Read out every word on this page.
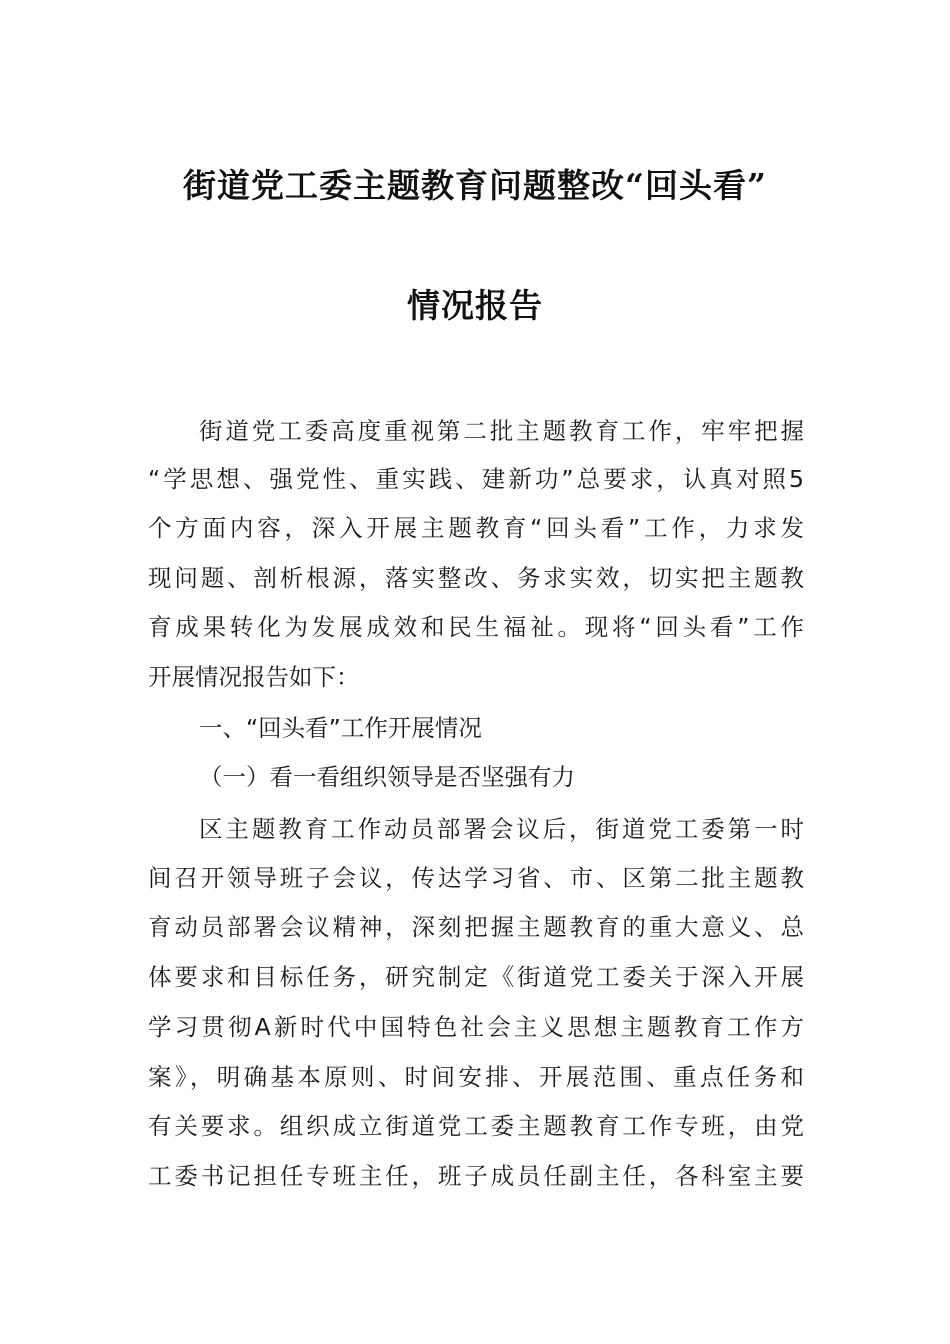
街道党工委主题教育问题整改“回头看”
情况报告
街道党工委高度重视第二批主题教育工作，牢牢把握
“学思想、强党性、重实践、建新功”总要求，认真对照5
个方面内容，深入开展主题教育“回头看”工作，力求发
现问题、剖析根源，落实整改、务求实效，切实把主题教
育成果转化为发展成效和民生福祉。现将“回头看”工作
开展情况报告如下：
一、“回头看”工作开展情况
（一）看一看组织领导是否坚强有力
区主题教育工作动员部署会议后，街道党工委第一时
间召开领导班子会议，传达学习省、市、区第二批主题教
育动员部署会议精神，深刻把握主题教育的重大意义、总
体要求和目标任务，研究制定《街道党工委关于深入开展
学习贯彻A新时代中国特色社会主义思想主题教育工作方
案》，明确基本原则、时间安排、开展范围、重点任务和
有关要求。组织成立街道党工委主题教育工作专班，由党
工委书记担任专班主任，班子成员任副主任，各科室主要
